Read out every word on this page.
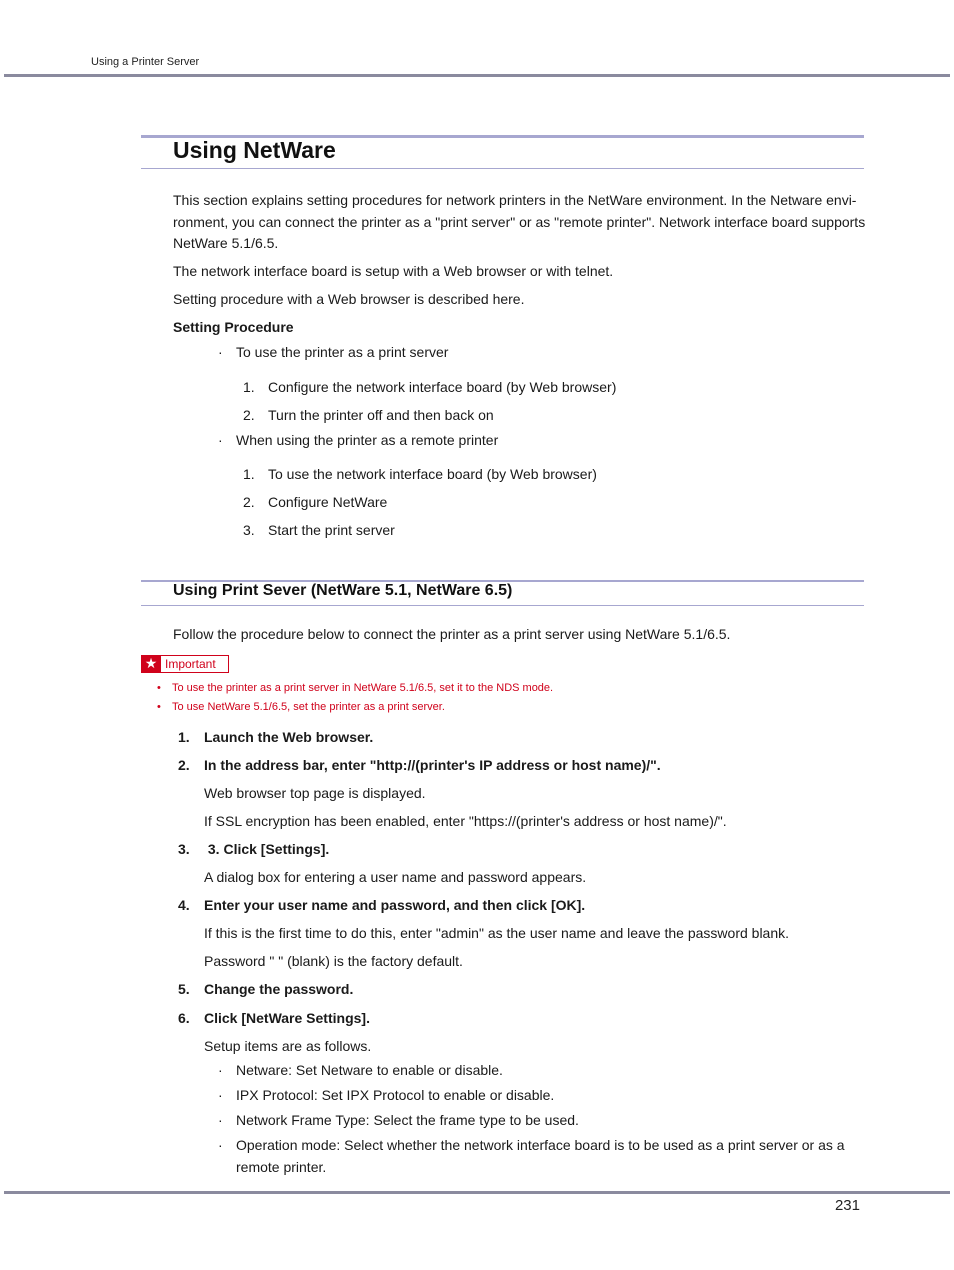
Using a Printer Server
Using NetWare
This section explains setting procedures for network printers in the NetWare environment. In the Netware envi-
ronment, you can connect the printer as a "print server" or as "remote printer". Network interface board supports
NetWare 5.1/6.5.
The network interface board is setup with a Web browser or with telnet.
Setting procedure with a Web browser is described here.
Setting Procedure
· To use the printer as a print server
1. Configure the network interface board (by Web browser)
2. Turn the printer off and then back on
· When using the printer as a remote printer
1. To use the network interface board (by Web browser)
2. Configure NetWare
3. Start the print server
Using Print Sever (NetWare 5.1, NetWare 6.5)
Follow the procedure below to connect the printer as a print server using NetWare 5.1/6.5.
★ Important
• To use the printer as a print server in NetWare 5.1/6.5, set it to the NDS mode.
• To use NetWare 5.1/6.5, set the printer as a print server.
1. Launch the Web browser.
2. In the address bar, enter "http://(printer's IP address or host name)/".
Web browser top page is displayed.
If SSL encryption has been enabled, enter "https://(printer's address or host name)/".
3. 3. Click [Settings].
A dialog box for entering a user name and password appears.
4. Enter your user name and password, and then click [OK].
If this is the first time to do this, enter "admin" as the user name and leave the password blank.
Password " " (blank) is the factory default.
5. Change the password.
6. Click [NetWare Settings].
Setup items are as follows.
· Netware: Set Netware to enable or disable.
· IPX Protocol: Set IPX Protocol to enable or disable.
· Network Frame Type: Select the frame type to be used.
· Operation mode: Select whether the network interface board is to be used as a print server or as a
remote printer.
231
